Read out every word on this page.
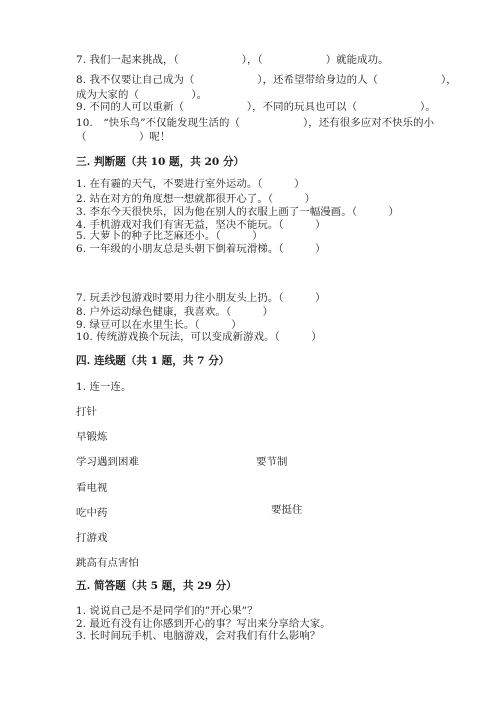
7. 我们一起来挑战，（　　　　　　），（　　　　　　）就能成功。
8. 我不仅要让自己成为（　　　　　　），还希望带给身边的人（　　　　　　），
成为大家的（　　　　　）。
9. 不同的人可以重新（　　　　　　），不同的玩具也可以（　　　　　　）。
10.　“快乐鸟”不仅能发现生活的（　　　　　　），还有很多应对不快乐的小
（　　　　　）呢！
三. 判断题（共 10 题，共 20 分）
1. 在有霾的天气，不要进行室外运动。（　　　）
2. 站在对方的角度想一想就都很开心了。（　　　）
3. 李东今天很快乐，因为他在别人的衣服上画了一幅漫画。（　　　）
4. 手机游戏对我们有害无益，坚决不能玩。（　　　）
5. 大萝卜的种子比芝麻还小。（　　　）
6. 一年级的小朋友总是头朝下倒着玩滑梯。（　　　）
7. 玩丢沙包游戏时要用力往小朋友头上扔。（　　　）
8. 户外运动绿色健康，我喜欢。（　　　）
9. 绿豆可以在水里生长。（　　　）
10. 传统游戏换个玩法，可以变成新游戏。（　　　）
四. 连线题（共 1 题，共 7 分）
1. 连一连。
打针
早锻炼
学习遇到困难
看电视
吃中药
打游戏
跳高有点害怕
要节制
要挺住
五. 简答题（共 5 题，共 29 分）
1. 说说自己是不是同学们的”开心果”？
2. 最近有没有让你感到开心的事？写出来分享给大家。
3. 长时间玩手机、电脑游戏，会对我们有什么影响？
